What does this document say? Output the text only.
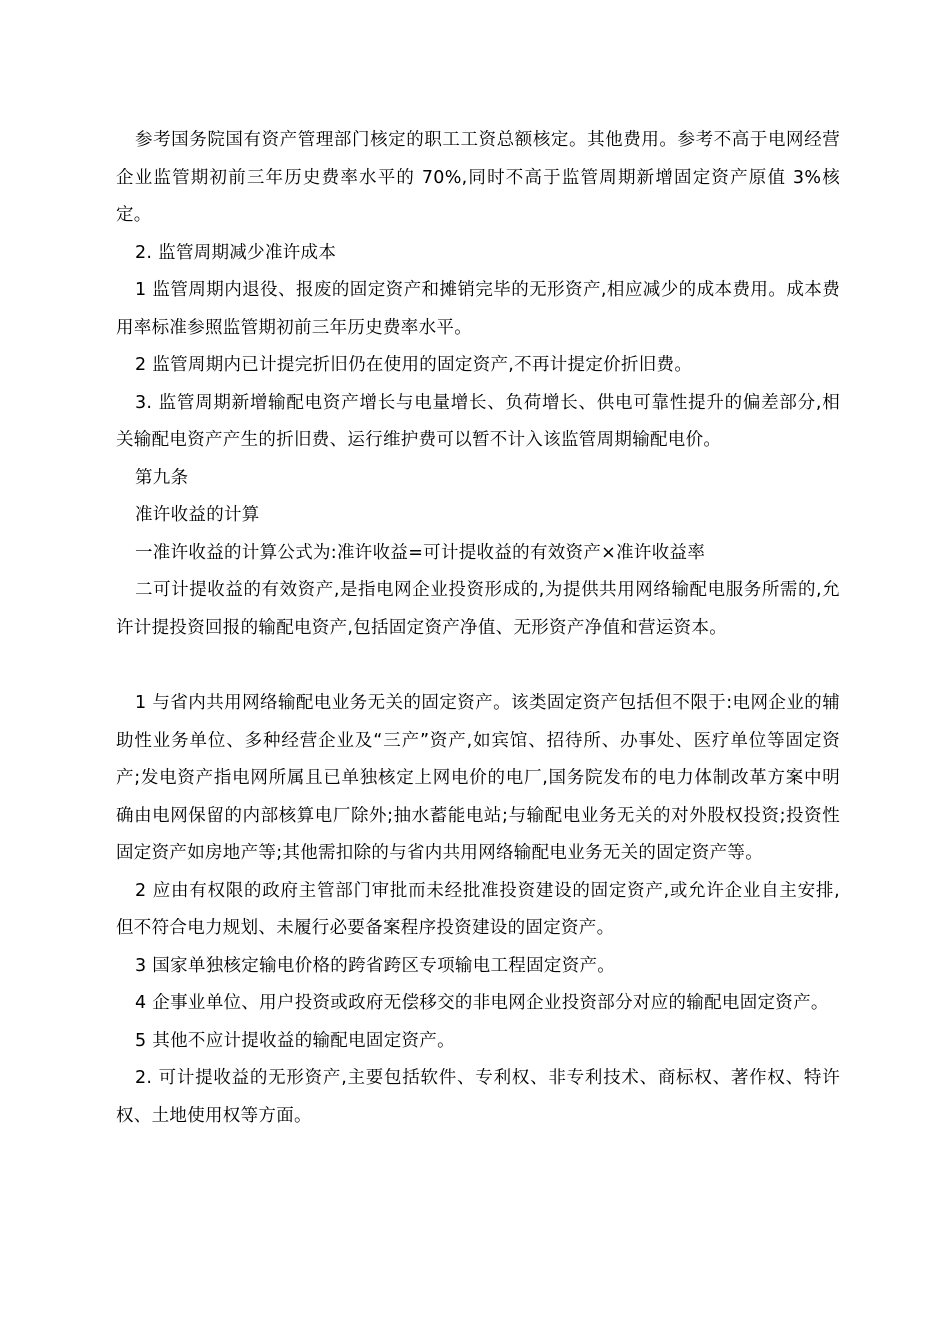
参考国务院国有资产管理部门核定的职工工资总额核定。其他费用。参考不高于电网经营企业监管期初前三年历史费率水平的 70%,同时不高于监管周期新增固定资产原值 3%核定。

2. 监管周期减少准许成本

1 监管周期内退役、报废的固定资产和摊销完毕的无形资产,相应减少的成本费用。成本费用率标准参照监管期初前三年历史费率水平。

2 监管周期内已计提完折旧仍在使用的固定资产,不再计提定价折旧费。

3. 监管周期新增输配电资产增长与电量增长、负荷增长、供电可靠性提升的偏差部分,相关输配电资产产生的折旧费、运行维护费可以暂不计入该监管周期输配电价。

第九条

准许收益的计算

一准许收益的计算公式为:准许收益=可计提收益的有效资产×准许收益率

二可计提收益的有效资产,是指电网企业投资形成的,为提供共用网络输配电服务所需的,允许计提投资回报的输配电资产,包括固定资产净值、无形资产净值和营运资本。

1 与省内共用网络输配电业务无关的固定资产。该类固定资产包括但不限于:电网企业的辅助性业务单位、多种经营企业及“三产”资产,如宾馆、招待所、办事处、医疗单位等固定资产;发电资产指电网所属且已单独核定上网电价的电厂,国务院发布的电力体制改革方案中明确由电网保留的内部核算电厂除外;抽水蓄能电站;与输配电业务无关的对外股权投资;投资性固定资产如房地产等;其他需扣除的与省内共用网络输配电业务无关的固定资产等。

2 应由有权限的政府主管部门审批而未经批准投资建设的固定资产,或允许企业自主安排,但不符合电力规划、未履行必要备案程序投资建设的固定资产。

3 国家单独核定输电价格的跨省跨区专项输电工程固定资产。

4 企事业单位、用户投资或政府无偿移交的非电网企业投资部分对应的输配电固定资产。

5 其他不应计提收益的输配电固定资产。

2. 可计提收益的无形资产,主要包括软件、专利权、非专利技术、商标权、著作权、特许权、土地使用权等方面。
